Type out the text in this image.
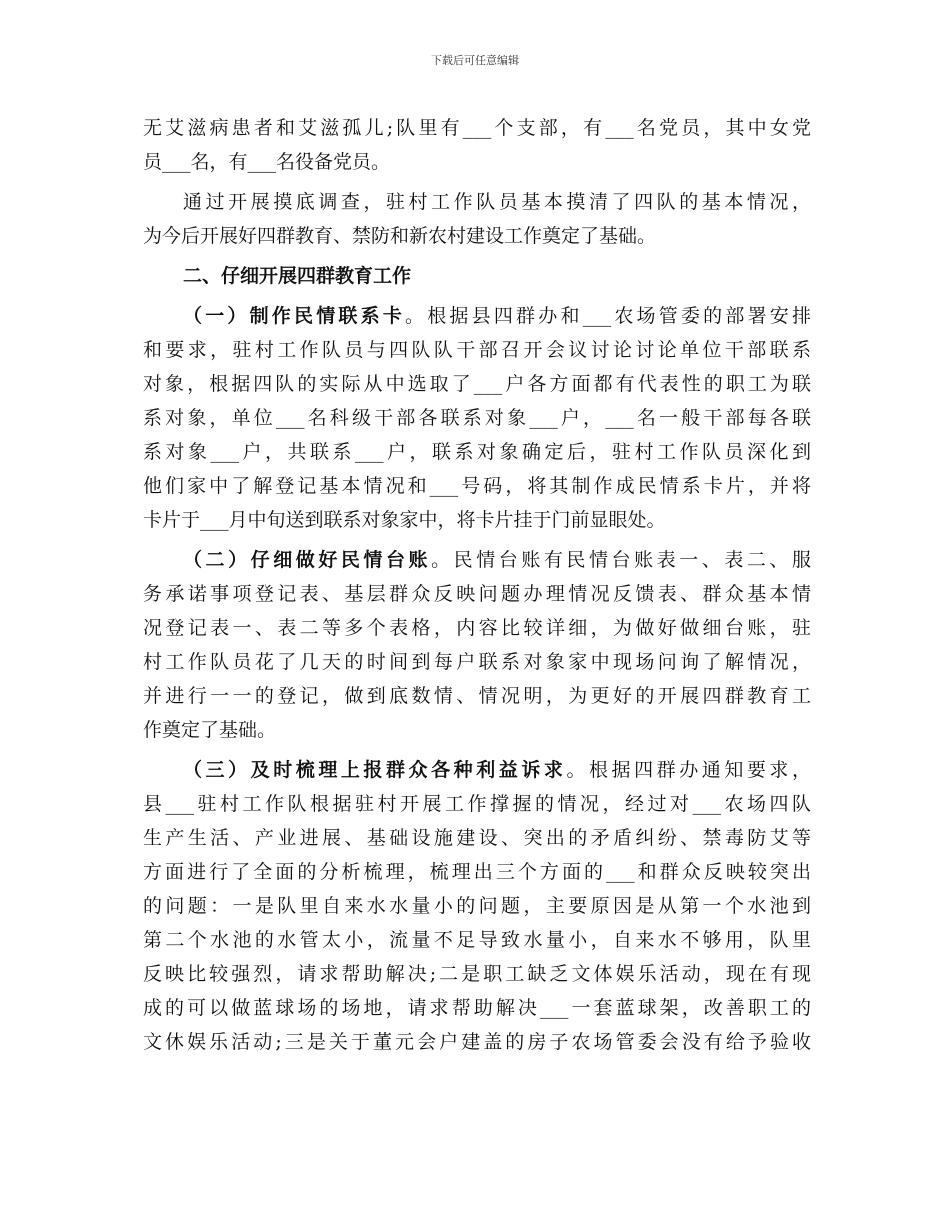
下载后可任意编辑
无艾滋病患者和艾滋孤儿;队里有___个支部，有___名党员，其中女党
员___名，有___名役备党员。
通过开展摸底调查，驻村工作队员基本摸清了四队的基本情况，
为今后开展好四群教育、禁防和新农村建设工作奠定了基础。
二、仔细开展四群教育工作
（一）制作民情联系卡。根据县四群办和___农场管委的部署安排
和要求，驻村工作队员与四队队干部召开会议讨论讨论单位干部联系
对象，根据四队的实际从中选取了___户各方面都有代表性的职工为联
系对象，单位___名科级干部各联系对象___户，___名一般干部每各联
系对象___户，共联系___户，联系对象确定后，驻村工作队员深化到
他们家中了解登记基本情况和___号码，将其制作成民情系卡片，并将
卡片于___月中旬送到联系对象家中，将卡片挂于门前显眼处。
（二）仔细做好民情台账。民情台账有民情台账表一、表二、服
务承诺事项登记表、基层群众反映问题办理情况反馈表、群众基本情
况登记表一、表二等多个表格，内容比较详细，为做好做细台账，驻
村工作队员花了几天的时间到每户联系对象家中现场问询了解情况，
并进行一一的登记，做到底数情、情况明，为更好的开展四群教育工
作奠定了基础。
（三）及时梳理上报群众各种利益诉求。根据四群办通知要求，
县___驻村工作队根据驻村开展工作撑握的情况，经过对___农场四队
生产生活、产业进展、基础设施建设、突出的矛盾纠纷、禁毒防艾等
方面进行了全面的分析梳理，梳理出三个方面的___和群众反映较突出
的问题：一是队里自来水水量小的问题，主要原因是从第一个水池到
第二个水池的水管太小，流量不足导致水量小，自来水不够用，队里
反映比较强烈，请求帮助解决;二是职工缺乏文体娱乐活动，现在有现
成的可以做蓝球场的场地，请求帮助解决___一套蓝球架，改善职工的
文休娱乐活动;三是关于董元会户建盖的房子农场管委会没有给予验收
